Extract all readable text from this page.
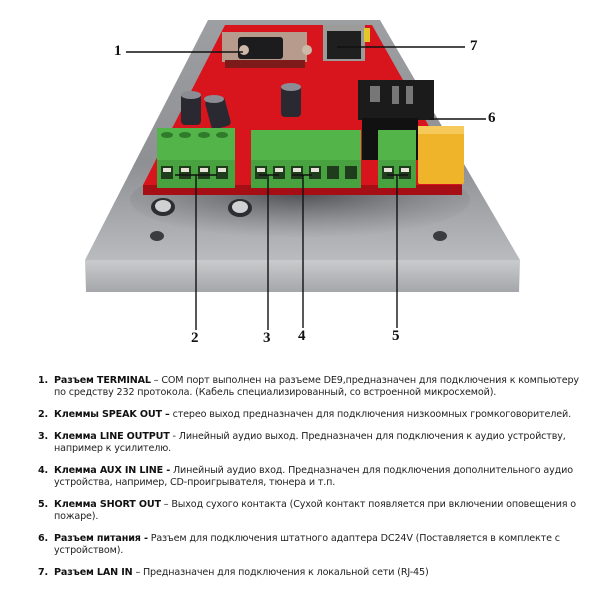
1
2	3 4	5
6
7
1. Разъем TERMINAL – COM порт выполнен на разъеме DE9,предназначен для подключения к компьютеру по средству 232 протокола. (Кабель специализированный, со встроенной микросхемой).
2. Клеммы SPEAK OUT – стерео выход предназначен для подключения низкоомных громкоговорителей.
3. Клемма LINE OUTPUT - Линейный аудио выход. Предназначен для подключения к аудио устройству, например к усилителю.
4. Клемма AUX IN LINE - Линейный аудио вход. Предназначен для подключения дополнительного аудио устройства, например, CD-проигрывателя, тюнера и т.п.
5. Клемма SHORT OUT – Выход сухого контакта (Сухой контакт появляется при включении оповещения о пожаре).
6. Разъем питания - Разъем для подключения штатного адаптера DC24V (Поставляется в комплекте с устройством).
7. Разъем LAN IN – Предназначен для подключения к локальной сети (RJ-45)
